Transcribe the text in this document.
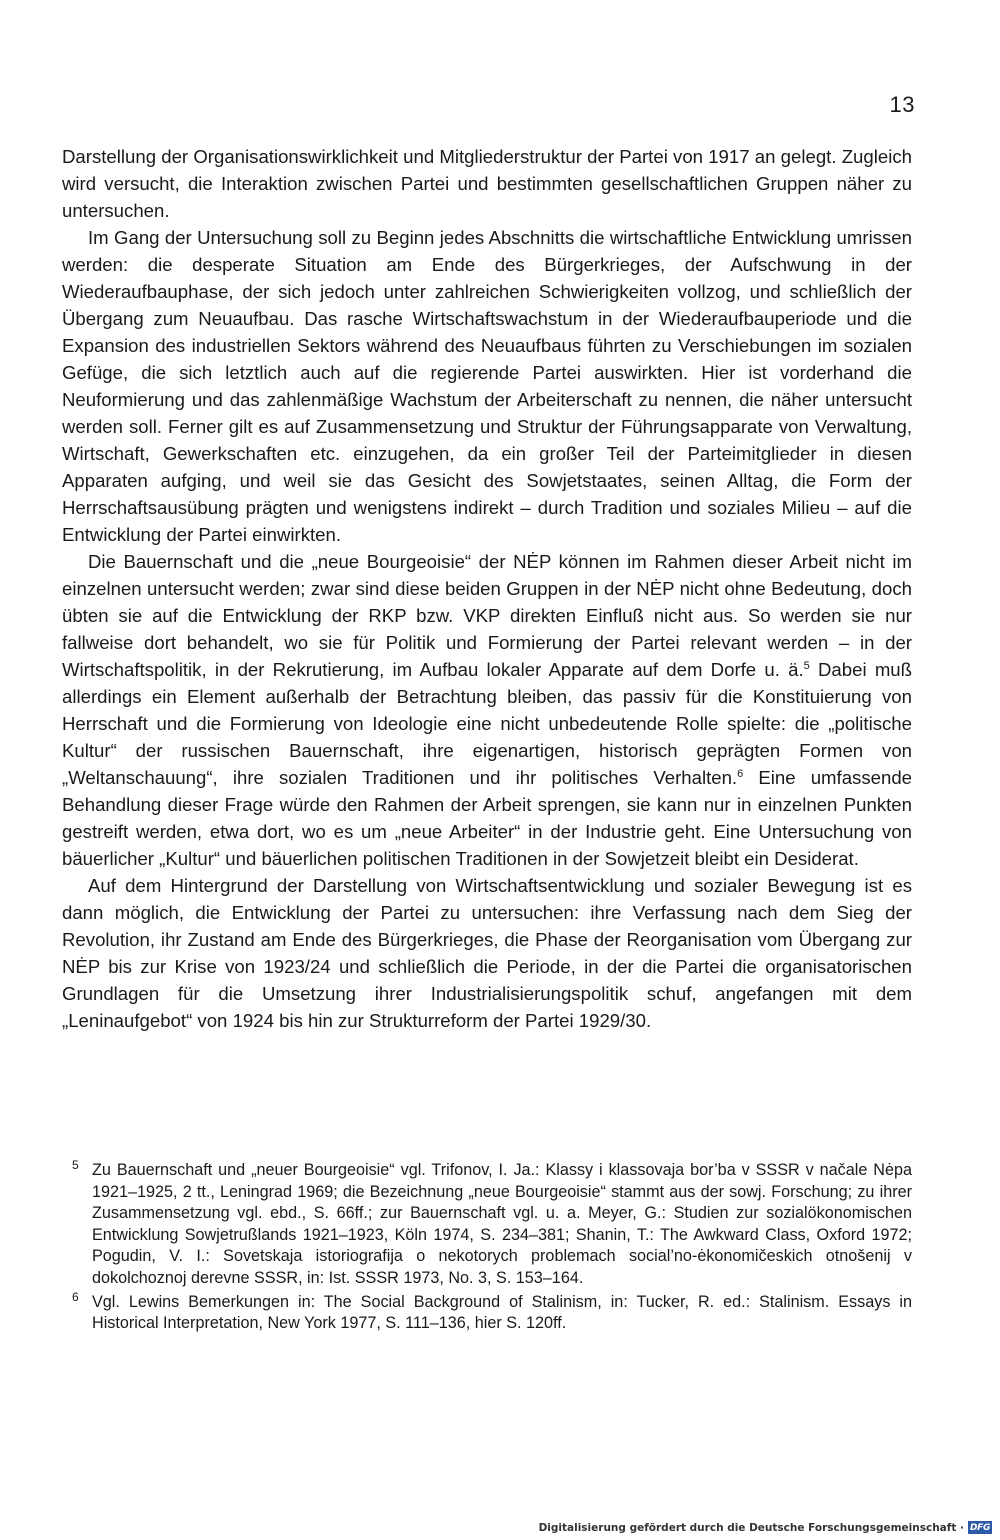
13

Darstellung der Organisationswirklichkeit und Mitgliederstruktur der Partei von 1917 an gelegt. Zugleich wird versucht, die Interaktion zwischen Partei und bestimmten gesellschaftlichen Gruppen näher zu untersuchen.

Im Gang der Untersuchung soll zu Beginn jedes Abschnitts die wirtschaftliche Entwicklung umrissen werden: die desperate Situation am Ende des Bürgerkrieges, der Aufschwung in der Wiederaufbauphase, der sich jedoch unter zahlreichen Schwierigkeiten vollzog, und schließlich der Übergang zum Neuaufbau. Das rasche Wirtschaftswachstum in der Wiederaufbauperiode und die Expansion des industriellen Sektors während des Neuaufbaus führten zu Verschiebungen im sozialen Gefüge, die sich letztlich auch auf die regierende Partei auswirkten. Hier ist vorderhand die Neuformierung und das zahlenmäßige Wachstum der Arbeiterschaft zu nennen, die näher untersucht werden soll. Ferner gilt es auf Zusammensetzung und Struktur der Führungsapparate von Verwaltung, Wirtschaft, Gewerkschaften etc. einzugehen, da ein großer Teil der Parteimitglieder in diesen Apparaten aufging, und weil sie das Gesicht des Sowjetstaates, seinen Alltag, die Form der Herrschaftsausübung prägten und wenigstens indirekt – durch Tradition und soziales Milieu – auf die Entwicklung der Partei einwirkten.

Die Bauernschaft und die „neue Bourgeoisie“ der NĖP können im Rahmen dieser Arbeit nicht im einzelnen untersucht werden; zwar sind diese beiden Gruppen in der NĖP nicht ohne Bedeutung, doch übten sie auf die Entwicklung der RKP bzw. VKP direkten Einfluß nicht aus. So werden sie nur fallweise dort behandelt, wo sie für Politik und Formierung der Partei relevant werden – in der Wirtschaftspolitik, in der Rekrutierung, im Aufbau lokaler Apparate auf dem Dorfe u. ä.$^5$ Dabei muß allerdings ein Element außerhalb der Betrachtung bleiben, das passiv für die Konstituierung von Herrschaft und die Formierung von Ideologie eine nicht unbedeutende Rolle spielte: die „politische Kultur“ der russischen Bauernschaft, ihre eigenartigen, historisch geprägten Formen von „Weltanschauung“, ihre sozialen Traditionen und ihr politisches Verhalten.$^6$ Eine umfassende Behandlung dieser Frage würde den Rahmen der Arbeit sprengen, sie kann nur in einzelnen Punkten gestreift werden, etwa dort, wo es um „neue Arbeiter“ in der Industrie geht. Eine Untersuchung von bäuerlicher „Kultur“ und bäuerlichen politischen Traditionen in der Sowjetzeit bleibt ein Desiderat.

Auf dem Hintergrund der Darstellung von Wirtschaftsentwicklung und sozialer Bewegung ist es dann möglich, die Entwicklung der Partei zu untersuchen: ihre Verfassung nach dem Sieg der Revolution, ihr Zustand am Ende des Bürgerkrieges, die Phase der Reorganisation vom Übergang zur NĖP bis zur Krise von 1923/24 und schließlich die Periode, in der die Partei die organisatorischen Grundlagen für die Umsetzung ihrer Industrialisierungspolitik schuf, angefangen mit dem „Leninaufgebot“ von 1924 bis hin zur Strukturreform der Partei 1929/30.

5 Zu Bauernschaft und „neuer Bourgeoisie“ vgl. Trifonov, I. Ja.: Klassy i klassovaja bor’ba v SSSR v načale Nėpa 1921–1925, 2 tt., Leningrad 1969; die Bezeichnung „neue Bourgeoisie“ stammt aus der sowj. Forschung; zu ihrer Zusammensetzung vgl. ebd., S. 66ff.; zur Bauernschaft vgl. u. a. Meyer, G.: Studien zur sozialökonomischen Entwicklung Sowjetrußlands 1921–1923, Köln 1974, S. 234–381; Shanin, T.: The Awkward Class, Oxford 1972; Pogudin, V. I.: Sovetskaja istoriografija o nekotorych problemach social’no-ėkonomičeskich otnošenij v dokolchoznoj derevne SSSR, in: Ist. SSSR 1973, No. 3, S. 153–164.
6 Vgl. Lewins Bemerkungen in: The Social Background of Stalinism, in: Tucker, R. ed.: Stalinism. Essays in Historical Interpretation, New York 1977, S. 111–136, hier S. 120ff.
Digitalisierung gefördert durch die Deutsche Forschungsgemeinschaft · DFG
